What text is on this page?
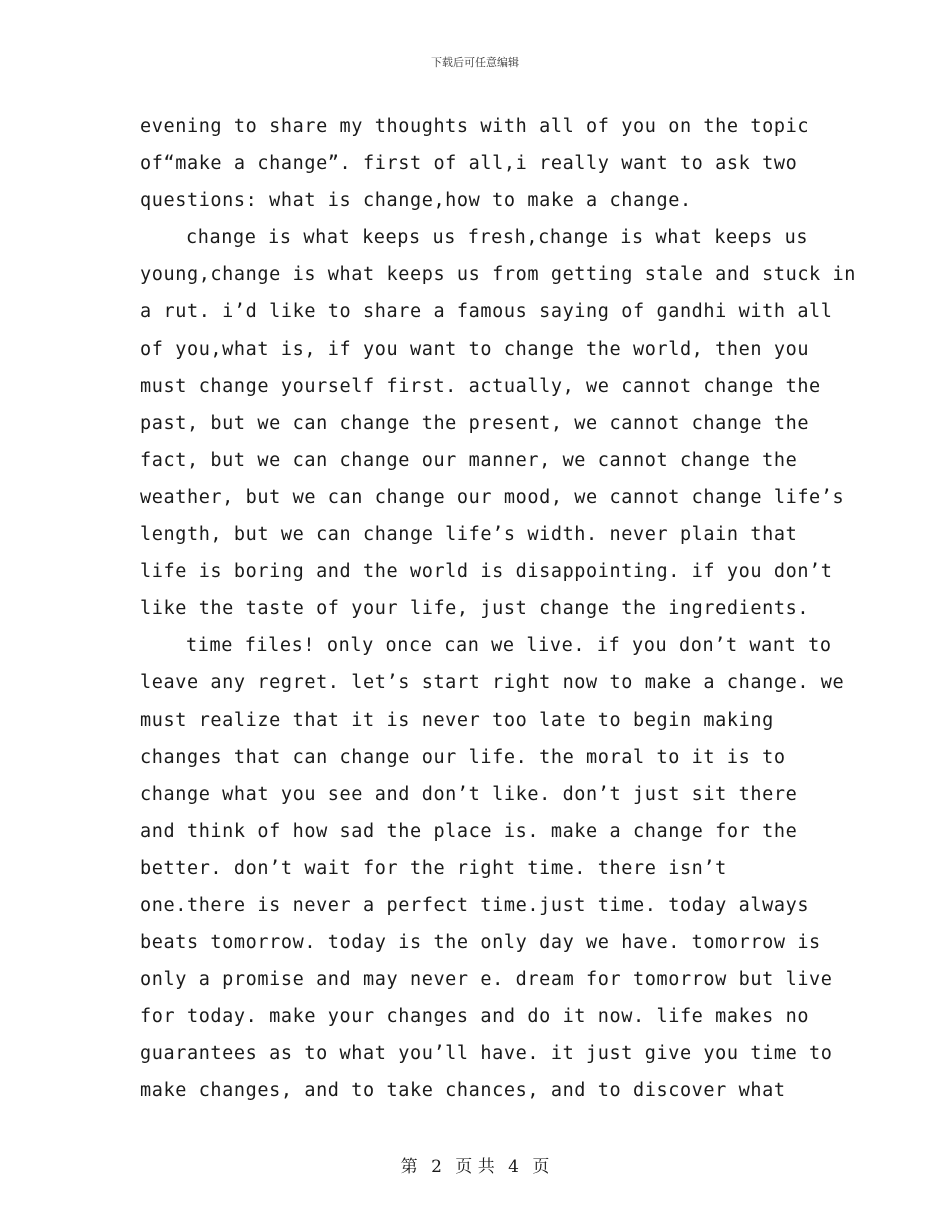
下载后可任意编辑
evening to share my thoughts with all of you on the topic
of“make a change”. first of all,i really want to ask two
questions: what is change,how to make a change.
change is what keeps us fresh,change is what keeps us
young,change is what keeps us from getting stale and stuck in
a rut. i’d like to share a famous saying of gandhi with all
of you,what is, if you want to change the world, then you
must change yourself first. actually, we cannot change the
past, but we can change the present, we cannot change the
fact, but we can change our manner, we cannot change the
weather, but we can change our mood, we cannot change life’s
length, but we can change life’s width. never plain that
life is boring and the world is disappointing. if you don’t
like the taste of your life, just change the ingredients.
time files! only once can we live. if you don’t want to
leave any regret. let’s start right now to make a change. we
must realize that it is never too late to begin making
changes that can change our life. the moral to it is to
change what you see and don’t like. don’t just sit there
and think of how sad the place is. make a change for the
better. don’t wait for the right time. there isn’t
one.there is never a perfect time.just time. today always
beats tomorrow. today is the only day we have. tomorrow is
only a promise and may never e. dream for tomorrow but live
for today. make your changes and do it now. life makes no
guarantees as to what you’ll have. it just give you time to
make changes, and to take chances, and to discover what
第 2 页 共 4 页
